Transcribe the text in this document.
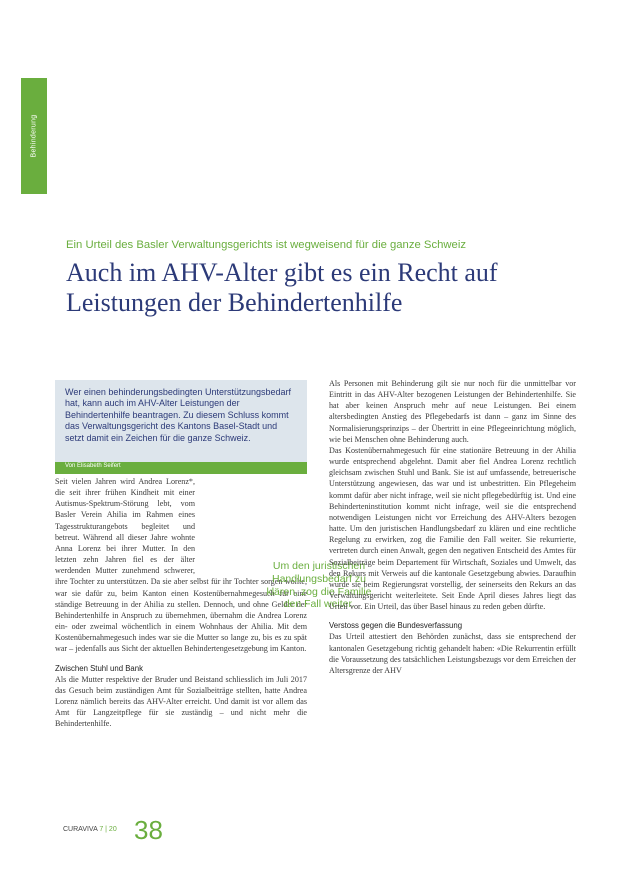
Behinderung
Ein Urteil des Basler Verwaltungsgerichts ist wegweisend für die ganze Schweiz
Auch im AHV-Alter gibt es ein Recht auf Leistungen der Behindertenhilfe
Wer einen behinderungsbedingten Unterstützungsbedarf hat, kann auch im AHV-Alter Leistungen der Behindertenhilfe beantragen. Zu diesem Schluss kommt das Verwaltungsgericht des Kantons Basel-Stadt und setzt damit ein Zeichen für die ganze Schweiz.
Von Elisabeth Seifert

Seit vielen Jahren wird Andrea Lorenz*, die seit ihrer frühen Kindheit mit einer Autismus-Spektrum-Störung lebt, vom Basler Verein Ahilia im Rahmen eines Tagesstrukturangebots begleitet und betreut. Während all dieser Jahre wohnte Anna Lorenz bei ihrer Mutter. In den letzten zehn Jahren fiel es der älter werdenden Mutter zunehmend schwerer, ihre Tochter zu unterstützen. Da sie aber selbst für ihr Tochter sorgen wollte, war sie dafür zu, beim Kanton einen Kostenübernahmegesuch für eine ständige Betreuung in der Ahilia zu stellen. Dennoch, und ohne Gelder der Behindertenhilfe in Anspruch zu übernehmen, übernahm die Andrea Lorenz ein- oder zweimal wöchentlich in einem Wohnhaus der Ahilia. Mit dem Kostenübernahmegesuch indes war sie die Mutter so lange zu, bis es zu spät war – jedenfalls aus Sicht der aktuellen Behindertengesetzgebung im Kanton.

Zwischen Stuhl und Bank

Als die Mutter respektive der Bruder und Beistand schliesslich im Juli 2017 das Gesuch beim zuständigen Amt für Sozialbeiträge stellten, hatte Andrea Lorenz nämlich bereits das AHV-Alter erreicht. Und damit ist vor allem das Amt für Langzeitpflege für sie zuständig – und nicht mehr die Behindertenhilfe.

Um den juristischen Handlungsbedarf zu klären, zog die Familie den Fall weiter.

Als Personen mit Behinderung gilt sie nur noch für die unmittelbar vor Eintritt in das AHV-Alter bezogenen Leistungen der Behindertenhilfe. Sie hat aber keinen Anspruch mehr auf neue Leistungen. Bei einem altersbedingten Anstieg des Pflegebedarfs ist dann – ganz im Sinne des Normalisierungsprinzips – der Übertritt in eine Pflegeeinrichtung möglich, wie bei Menschen ohne Behinderung auch.

Das Kostenübernahmegesuch für eine stationäre Betreuung in der Ahilia wurde entsprechend abgelehnt. Damit aber fiel Andrea Lorenz rechtlich gleichsam zwischen Stuhl und Bank. Sie ist auf umfassende, betreuerische Unterstützung angewiesen, das war und ist unbestritten. Ein Pflegeheim kommt dafür aber nicht infrage, weil sie nicht pflegebedürftig ist. Und eine Behinderteninstitution kommt nicht infrage, weil sie die entsprechend notwendigen Leistungen nicht vor Erreichung des AHV-Alters bezogen hatte. Um den juristischen Handlungsbedarf zu klären und eine rechtliche Regelung zu erwirken, zog die Familie den Fall weiter. Sie rekurrierte, vertreten durch einen Anwalt, gegen den negativen Entscheid des Amtes für Sozialbeiträge beim Departement für Wirtschaft, Soziales und Umwelt, das den Rekurs mit Verweis auf die kantonale Gesetzgebung abwies. Daraufhin wurde sie beim Regierungsrat vorstellig, der seinerseits den Rekurs an das Verwaltungsgericht weiterleitete. Seit Ende April dieses Jahres liegt das Urteil vor. Ein Urteil, das über Basel hinaus zu reden geben dürfte.

Verstoss gegen die Bundesverfassung

Das Urteil attestiert den Behörden zunächst, dass sie entsprechend der kantonalen Gesetzgebung richtig gehandelt haben: «Die Rekurrentin erfüllt die Voraussetzung des tatsächlichen Leistungsbezugs vor dem Erreichen der Altersgrenze der AHV

CURAVIVA 7 | 20 38
